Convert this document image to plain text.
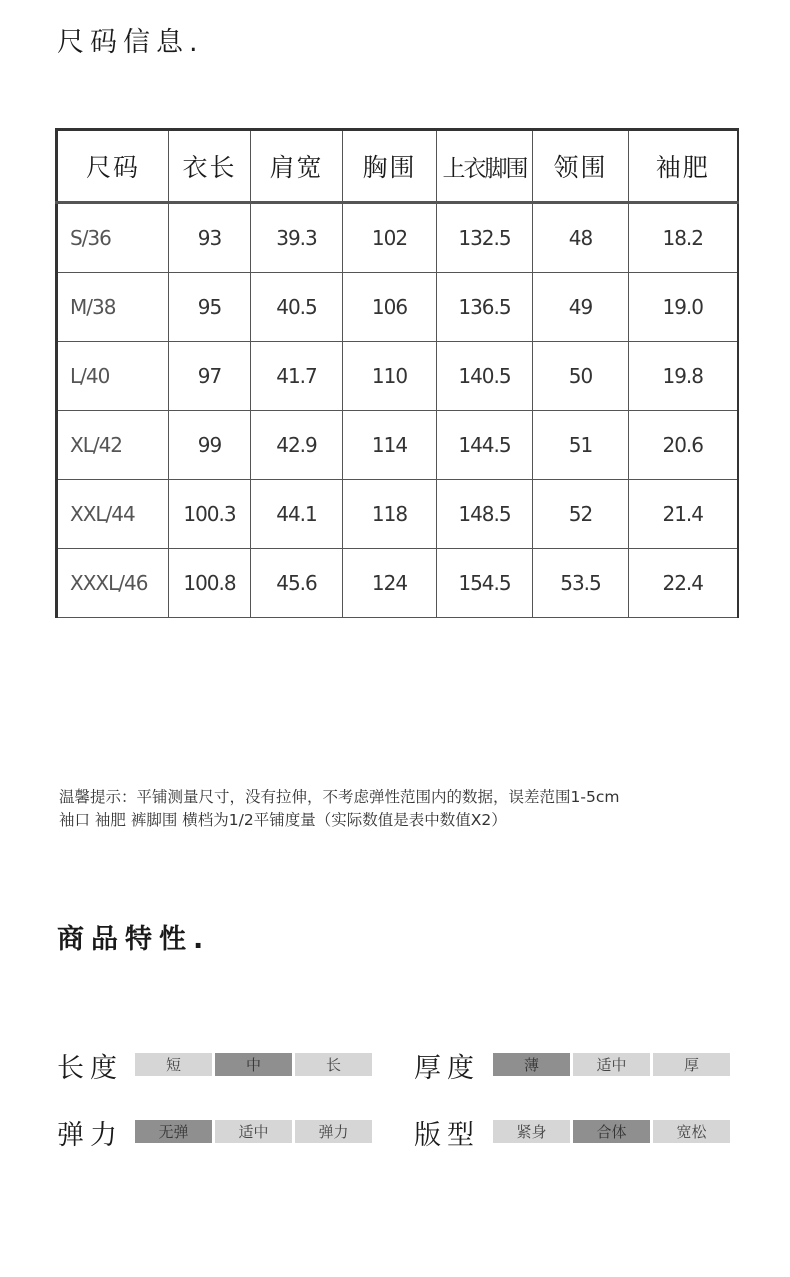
尺码信息.
尺码	衣长	肩宽	胸围	上衣脚围	领围	袖肥
S/36	93	39.3	102	132.5	48	18.2
M/38	95	40.5	106	136.5	49	19.0
L/40	97	41.7	110	140.5	50	19.8
XL/42	99	42.9	114	144.5	51	20.6
XXL/44	100.3	44.1	118	148.5	52	21.4
XXXL/46	100.8	45.6	124	154.5	53.5	22.4
温馨提示：平铺测量尺寸，没有拉伸，不考虑弹性范围内的数据，误差范围1-5cm
袖口 袖肥 裤脚围 横档为1/2平铺度量（实际数值是表中数值X2）
商品特性.
长度	短	中	长	厚度	薄	适中	厚
弹力	无弹	适中	弹力	版型	紧身	合体	宽松
